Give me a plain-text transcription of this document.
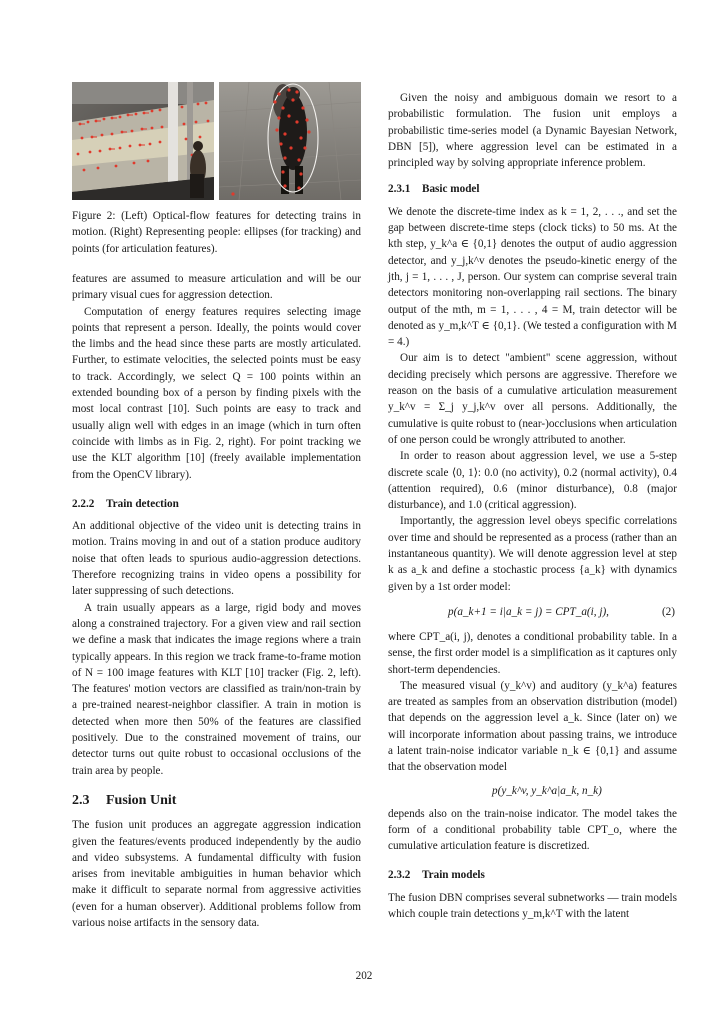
Figure 2: (Left) Optical-flow features for detecting trains in motion. (Right) Representing people: ellipses (for tracking) and points (for articulation features).

features are assumed to measure articulation and will be our primary visual cues for aggression detection.

Computation of energy features requires selecting image points that represent a person. Ideally, the points would cover the limbs and the head since these parts are mostly articulated. Further, to estimate velocities, the selected points must be easy to track. Accordingly, we select Q = 100 points within an extended bounding box of a person by finding pixels with the most local contrast [10]. Such points are easy to track and usually align well with edges in an image (which in turn often coincide with limbs as in Fig. 2, right). For point tracking we use the KLT algorithm [10] (freely available implementation from the OpenCV library).

2.2.2 Train detection

An additional objective of the video unit is detecting trains in motion. Trains moving in and out of a station produce auditory noise that often leads to spurious audio-aggression detections. Therefore recognizing trains in video opens a possibility for later suppressing of such detections.

A train usually appears as a large, rigid body and moves along a constrained trajectory. For a given view and rail section we define a mask that indicates the image regions where a train typically appears. In this region we track frame-to-frame motion of N = 100 image features with KLT [10] tracker (Fig. 2, left). The features' motion vectors are classified as train/non-train by a pre-trained nearest-neighbor classifier. A train in motion is detected when more then 50% of the features are classified positively. Due to the constrained movement of trains, our detector turns out quite robust to occasional occlusions of the train area by people.

2.3 Fusion Unit

The fusion unit produces an aggregate aggression indication given the features/events produced independently by the audio and video subsystems. A fundamental difficulty with fusion arises from inevitable ambiguities in human behavior which make it difficult to separate normal from aggressive activities (even for a human observer). Additional problems follow from various noise artifacts in the sensory data.

Given the noisy and ambiguous domain we resort to a probabilistic formulation. The fusion unit employs a probabilistic time-series model (a Dynamic Bayesian Network, DBN [5]), where aggression level can be estimated in a principled way by solving appropriate inference problem.

2.3.1 Basic model

We denote the discrete-time index as k = 1, 2, . . ., and set the gap between discrete-time steps (clock ticks) to 50 ms. At the kth step, y_k^a ∈ {0,1} denotes the output of audio aggression detector, and y_j,k^v denotes the pseudo-kinetic energy of the jth, j = 1, . . . , J, person. Our system can comprise several train detectors monitoring non-overlapping rail sections. The binary output of the mth, m = 1, . . . , 4 = M, train detector will be denoted as y_m,k^T ∈ {0,1}. (We tested a configuration with M = 4.)

Our aim is to detect "ambient" scene aggression, without deciding precisely which persons are aggressive. Therefore we reason on the basis of a cumulative articulation measurement y_k^v = Σ_j y_j,k^v over all persons. Additionally, the cumulative is quite robust to (near-)occlusions when articulation of one person could be wrongly attributed to another.

In order to reason about aggression level, we use a 5-step discrete scale ⟨0, 1⟩: 0.0 (no activity), 0.2 (normal activity), 0.4 (attention required), 0.6 (minor disturbance), 0.8 (major disturbance), and 1.0 (critical aggression).

Importantly, the aggression level obeys specific correlations over time and should be represented as a process (rather than an instantaneous quantity). We will denote aggression level at step k as a_k and define a stochastic process {a_k} with dynamics given by a 1st order model:

p(a_k+1 = i|a_k = j) = CPT_a(i, j),	(2)

where CPT_a(i, j), denotes a conditional probability table. In a sense, the first order model is a simplification as it captures only short-term dependencies.

The measured visual (y_k^v) and auditory (y_k^a) features are treated as samples from an observation distribution (model) that depends on the aggression level a_k. Since (later on) we will incorporate information about passing trains, we introduce a latent train-noise indicator variable n_k ∈ {0,1} and assume that the observation model

p(y_k^v, y_k^a|a_k, n_k)

depends also on the train-noise indicator. The model takes the form of a conditional probability table CPT_o, where the cumulative articulation feature is discretized.

2.3.2 Train models

The fusion DBN comprises several subnetworks — train models which couple train detections y_m,k^T with the latent

202
